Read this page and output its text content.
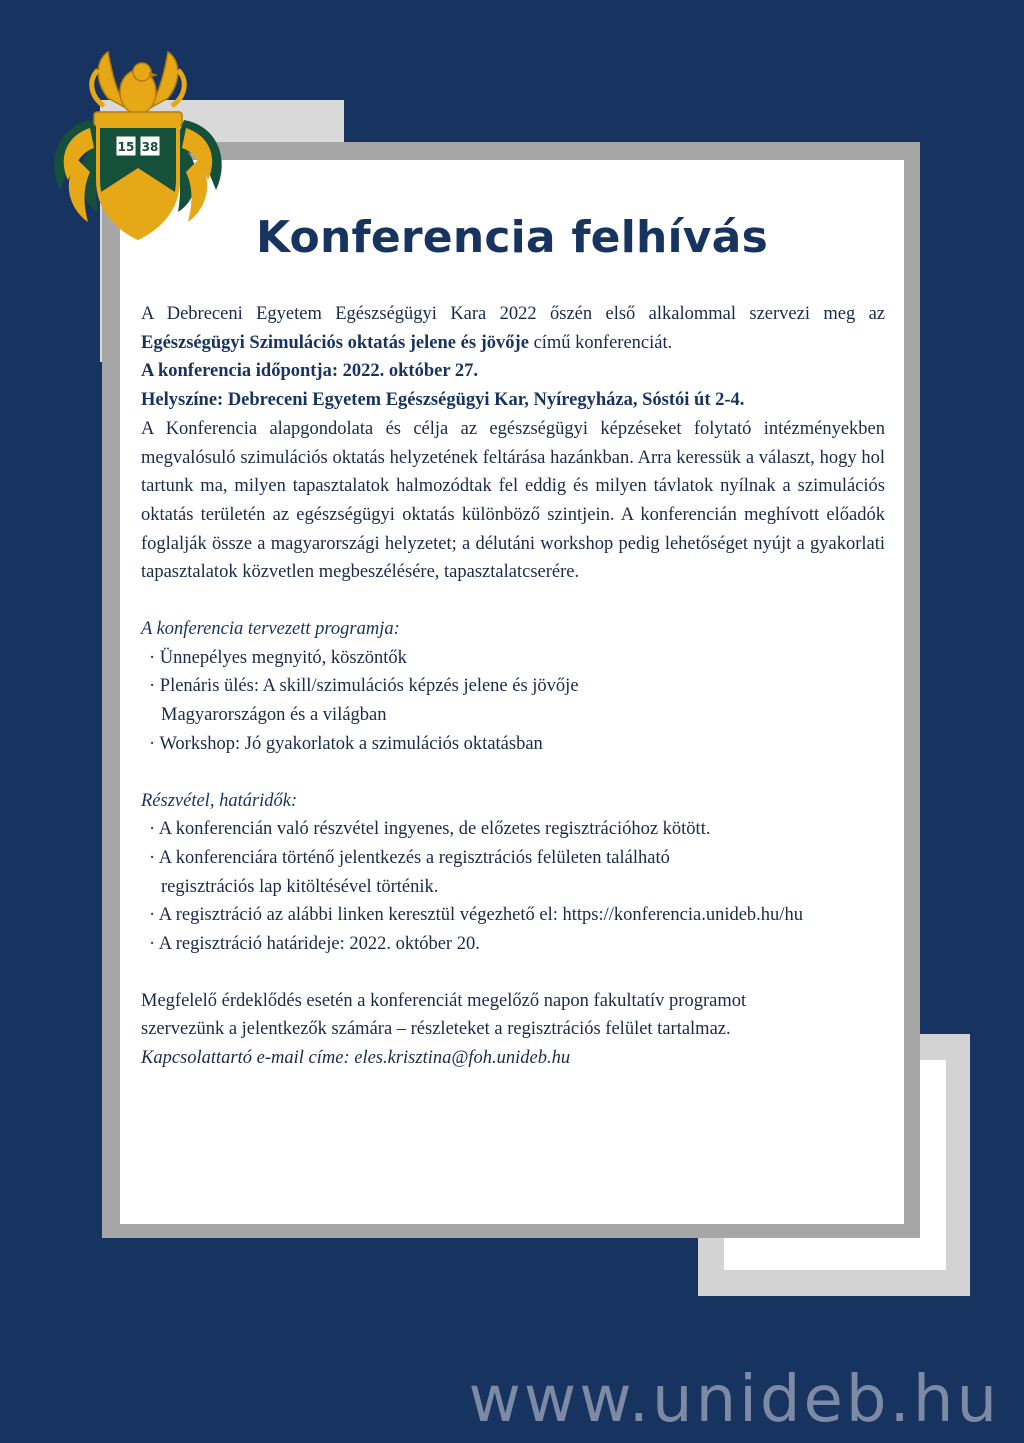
15 38
Konferencia felhívás

A Debreceni Egyetem Egészségügyi Kara 2022 őszén első alkalommal szervezi meg az Egészségügyi Szimulációs oktatás jelene és jövője című konferenciát.

A konferencia időpontja: 2022. október 27.

Helyszíne: Debreceni Egyetem Egészségügyi Kar, Nyíregyháza, Sóstói út 2-4.

A Konferencia alapgondolata és célja az egészségügyi képzéseket folytató intézményekben megvalósuló szimulációs oktatás helyzetének feltárása hazánkban. Arra keressük a választ, hogy hol tartunk ma, milyen tapasztalatok halmozódtak fel eddig és milyen távlatok nyílnak a szimulációs oktatás területén az egészségügyi oktatás különböző szintjein. A konferencián meghívott előadók foglalják össze a magyarországi helyzetet; a délutáni workshop pedig lehetőséget nyújt a gyakorlati tapasztalatok közvetlen megbeszélésére, tapasztalatcserére.

A konferencia tervezett programja:

· Ünnepélyes megnyitó, köszöntők
· Plenáris ülés: A skill/szimulációs képzés jelene és jövője Magyarországon és a világban
· Workshop: Jó gyakorlatok a szimulációs oktatásban

Részvétel, határidők:

· A konferencián való részvétel ingyenes, de előzetes regisztrációhoz kötött.
· A konferenciára történő jelentkezés a regisztrációs felületen található regisztrációs lap kitöltésével történik.
· A regisztráció az alábbi linken keresztül végezhető el: https://konferencia.unideb.hu/hu
· A regisztráció határideje: 2022. október 20.

Megfelelő érdeklődés esetén a konferenciát megelőző napon fakultatív programot szervezünk a jelentkezők számára – részleteket a regisztrációs felület tartalmaz.

Kapcsolattartó e-mail címe: eles.krisztina@foh.unideb.hu

www.unideb.hu
